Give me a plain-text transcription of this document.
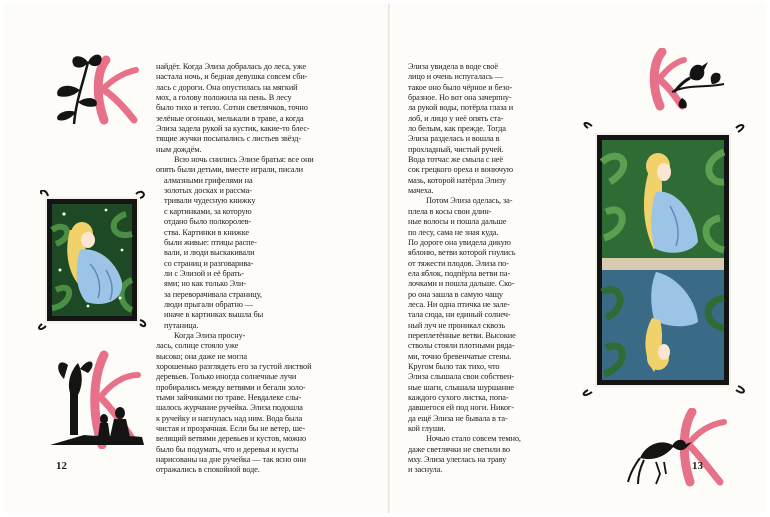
12
найдёт. Когда Элиза добралась до леса, уже
настала ночь, и бедная девушка совсем сби-
лась с дороги. Она опустилась на мягкий
мох, а голову положила на пень. В лесу
было тихо и тепло. Сотни светлячков, точно
зелёные огоньки, мелькали в траве, а когда
Элиза задела рукой за кустик, какие-то блес-
тящие жучки посыпались с листьев звёзд-
ным дождём.
Всю ночь снились Элизе братья: все они
опять были детьми, вместе играли, писали
алмазными грифелями на
золотых досках и рассма-
тривали чудесную книжку
с картинками, за которую
отдано было полкоролев-
ства. Картинки в книжке
были живые: птицы распе-
вали, и люди выскакивали
со страниц и разговарива-
ли с Элизой и её брать-
ями; но как только Эли-
за переворачивала страницу,
люди прыгали обратно —
иначе в картинках вышла бы
путаница.
Когда Элиза просну-
лась, солнце стояло уже
высоко; она даже не могла
хорошенько разглядеть его за густой листвой
деревьев. Только иногда солнечные лучи
пробирались между ветвями и бегали золо-
тыми зайчиками по траве. Невдалеке слы-
шалось журчание ручейка. Элиза подошла
к ручейку и нагнулась над ним. Вода была
чистая и прозрачная. Если бы не ветер, ше-
велящий ветвями деревьев и кустов, можно
было бы подумать, что и деревья и кусты
нарисованы на дне ручейка — так ясно они
отражались в спокойной воде.
Элиза увидела в воде своё
лицо и очень испугалась —
такое оно было чёрное и безо-
бразное. Но вот она зачерпну-
ла рукой воды, потёрла глаза и
лоб, и лицо у неё опять ста-
ло белым, как прежде. Тогда
Элиза разделась и вошла в
прохладный, чистый ручей.
Вода тотчас же смыла с неё
сок грецкого ореха и вонючую
мазь, которой натёрла Элизу
мачеха.
Потом Элиза оделась, за-
плела в косы свои длин-
ные волосы и пошла дальше
по лесу, сама не зная куда.
По дороге она увидела дикую
яблоню, ветви которой гнулись
от тяжести плодов. Элиза по-
ела яблок, подпёрла ветви па-
лочками и пошла дальше. Ско-
ро она зашла в самую чащу
леса. Ни одна птичка не зале-
тала сюда, ни единый солнеч-
ный луч не проникал сквозь
переплетённые ветви. Высокие
стволы стояли плотными ряда-
ми, точно бревенчатые стены.
Кругом было так тихо, что
Элиза слышала свои собствен-
ные шаги, слышала шуршание
каждого сухого листка, попа-
давшегося ей под ноги. Никог-
да ещё Элиза не бывала в та-
кой глуши.
Ночью стало совсем темно,
даже светлячки не светили во
мху. Элиза улеглась на траву
и заснула.	13
